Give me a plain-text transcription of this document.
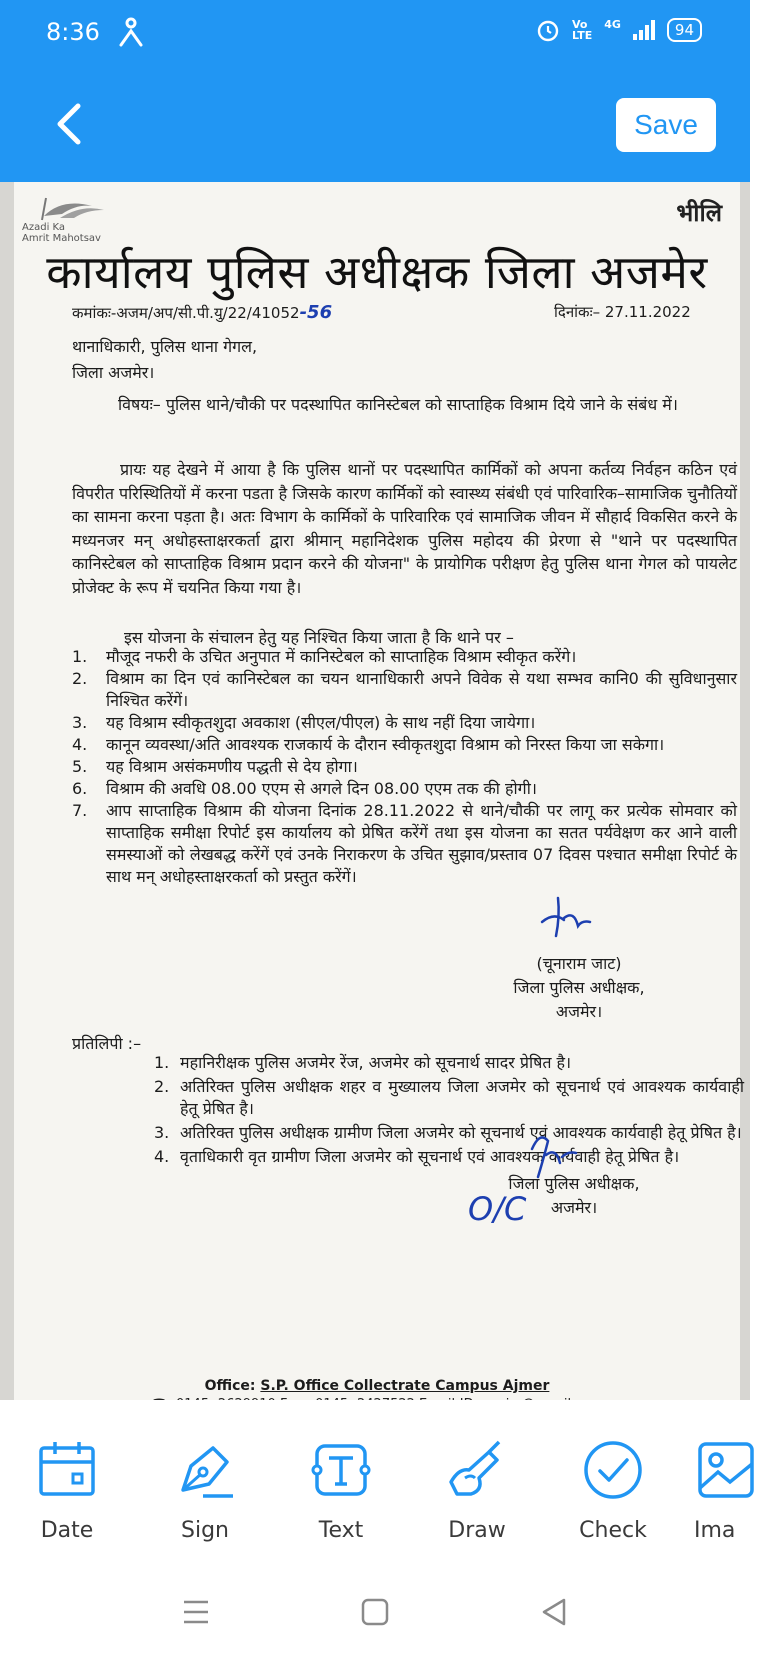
8:36	Vo
LTE
4G	94
Save
Azadi Ka
Amrit Mahotsav
भीलि
कार्यालय पुलिस अधीक्षक जिला अजमेर
कमांकः-अजम/अप/सी.पी.यु/22/41052-56	दिनांकः– 27.11.2022
थानाधिकारी, पुलिस थाना गेगल,
जिला अजमेर।
विषयः– पुलिस थाने/चौकी पर पदस्थापित कानिस्टेबल को साप्ताहिक विश्राम दिये जाने के संबंध में।
प्रायः यह देखने में आया है कि पुलिस थानों पर पदस्थापित कार्मिकों को अपना कर्तव्य निर्वहन कठिन एवं विपरीत परिस्थितियों में करना पडता है जिसके कारण कार्मिकों को स्वास्थ्य संबंधी एवं पारिवारिक–सामाजिक चुनौतियों का सामना करना पड़ता है। अतः विभाग के कार्मिकों के पारिवारिक एवं सामाजिक जीवन में सौहार्द विकसित करने के मध्यनजर मन् अधोहस्ताक्षरकर्ता द्वारा श्रीमान् महानिदेशक पुलिस महोदय की प्रेरणा से "थाने पर पदस्थापित कानिस्टेबल को साप्ताहिक विश्राम प्रदान करने की योजना" के प्रायोगिक परीक्षण हेतु पुलिस थाना गेगल को पायलेट प्रोजेक्ट के रूप में चयनित किया गया है।
इस योजना के संचालन हेतु यह निश्चित किया जाता है कि थाने पर –
1.	मौजूद नफरी के उचित अनुपात में कानिस्टेबल को साप्ताहिक विश्राम स्वीकृत करेंगे।
2.	विश्राम का दिन एवं कानिस्टेबल का चयन थानाधिकारी अपने विवेक से यथा सम्भव कानि0 की सुविधानुसार निश्चित करेंगें।
3.	यह विश्राम स्वीकृतशुदा अवकाश (सीएल/पीएल) के साथ नहीं दिया जायेगा।
4.	कानून व्यवस्था/अति आवश्यक राजकार्य के दौरान स्वीकृतशुदा विश्राम को निरस्त किया जा सकेगा।
5.	यह विश्राम असंकमणीय पद्धती से देय होगा।
6.	विश्राम की अवधि 08.00 एएम से अगले दिन 08.00 एएम तक की होगी।
7.	आप साप्ताहिक विश्राम की योजना दिनांक 28.11.2022 से थाने/चौकी पर लागू कर प्रत्येक सोमवार को साप्ताहिक समीक्षा रिपोर्ट इस कार्यालय को प्रेषित करेंगें तथा इस योजना का सतत पर्यवेक्षण कर आने वाली समस्याओं को लेखबद्ध करेंगें एवं उनके निराकरण के उचित सुझाव/प्रस्ताव 07 दिवस पश्चात समीक्षा रिपोर्ट के साथ मन् अधोहस्ताक्षरकर्ता को प्रस्तुत करेंगें।
(चूनाराम जाट)
जिला पुलिस अधीक्षक,
अजमेर।
प्रतिलिपी :–
1. महानिरीक्षक पुलिस अजमेर रेंज, अजमेर को सूचनार्थ सादर प्रेषित है।
2. अतिरिक्त पुलिस अधीक्षक शहर व मुख्यालय जिला अजमेर को सूचनार्थ एवं आवश्यक कार्यवाही हेतू प्रेषित है।
3. अतिरिक्त पुलिस अधीक्षक ग्रामीण जिला अजमेर को सूचनार्थ एवं आवश्यक कार्यवाही हेतू प्रेषित है।
4. वृताधिकारी वृत ग्रामीण जिला अजमेर को सूचनार्थ एवं आवश्यक कार्यवाही हेतू प्रेषित है।
जिला पुलिस अधीक्षक,
अजमेर।
O/C
Office: S.P. Office Collectrate Campus Ajmer
Date	Sign	Text	Draw	Check	Ima
